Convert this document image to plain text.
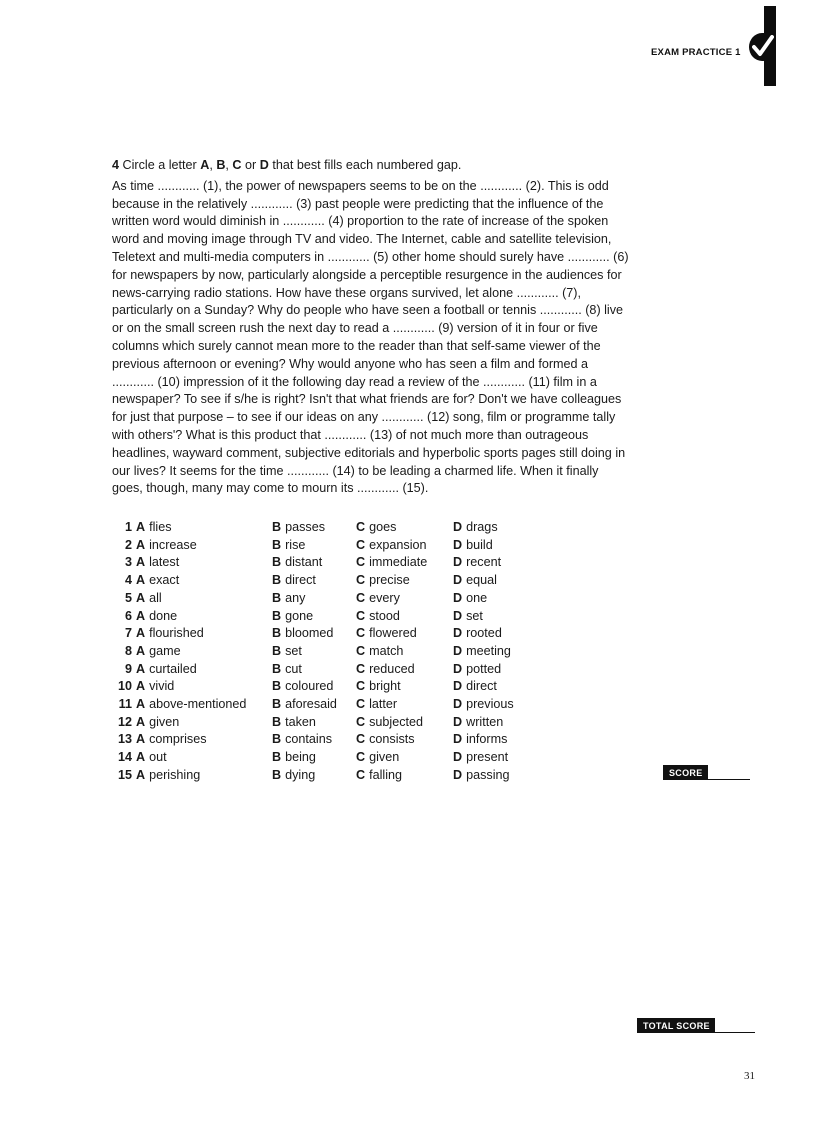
EXAM PRACTICE 1

4 Circle a letter A, B, C or D that best fills each numbered gap.

As time ............ (1), the power of newspapers seems to be on the ............ (2). This is odd because in the relatively ............ (3) past people were predicting that the influence of the written word would diminish in ............ (4) proportion to the rate of increase of the spoken word and moving image through TV and video. The Internet, cable and satellite television, Teletext and multi-media computers in ............ (5) other home should surely have ............ (6) for newspapers by now, particularly alongside a perceptible resurgence in the audiences for news-carrying radio stations. How have these organs survived, let alone ............ (7), particularly on a Sunday? Why do people who have seen a football or tennis ............ (8) live or on the small screen rush the next day to read a ............ (9) version of it in four or five columns which surely cannot mean more to the reader than that self-same viewer of the previous afternoon or evening? Why would anyone who has seen a film and formed a ............ (10) impression of it the following day read a review of the ............ (11) film in a newspaper? To see if s/he is right? Isn't that what friends are for? Don't we have colleagues for just that purpose – to see if our ideas on any ............ (12) song, film or programme tally with others'? What is this product that ............ (13) of not much more than outrageous headlines, wayward comment, subjective editorials and hyperbolic sports pages still doing in our lives? It seems for the time ............ (14) to be leading a charmed life. When it finally goes, though, many may come to mourn its ............ (15).

1	A flies	B passes	C goes	D drags
2	A increase	B rise	C expansion	D build
3	A latest	B distant	C immediate	D recent
4	A exact	B direct	C precise	D equal
5	A all	B any	C every	D one
6	A done	B gone	C stood	D set
7	A flourished	B bloomed	C flowered	D rooted
8	A game	B set	C match	D meeting
9	A curtailed	B cut	C reduced	D potted
10	A vivid	B coloured	C bright	D direct
11	A above-mentioned	B aforesaid	C latter	D previous
12	A given	B taken	C subjected	D written
13	A comprises	B contains	C consists	D informs
14	A out	B being	C given	D present
15	A perishing	B dying	C falling	D passing	SCORE
TOTAL SCORE
31
